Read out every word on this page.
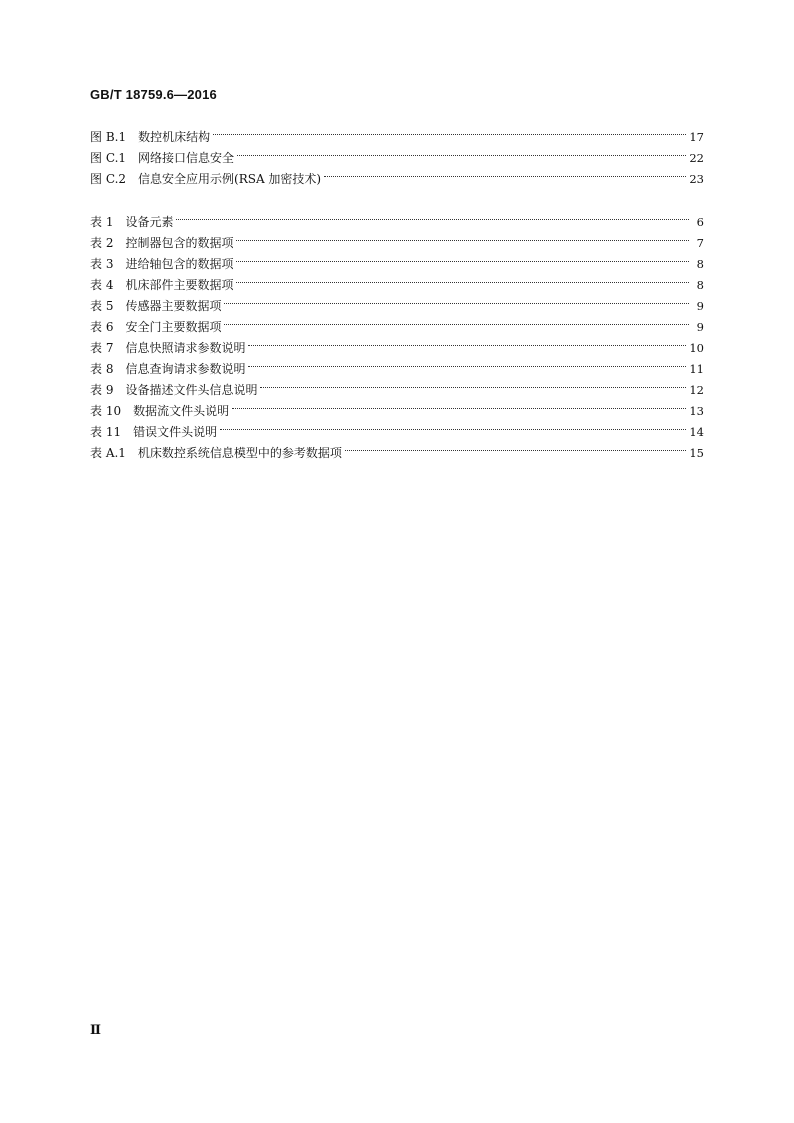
GB/T 18759.6—2016
图 B.1　数控机床结构	17
图 C.1　网络接口信息安全	22
图 C.2　信息安全应用示例(RSA 加密技术)	23
表 1　设备元素	6
表 2　控制器包含的数据项	7
表 3　进给轴包含的数据项	8
表 4　机床部件主要数据项	8
表 5　传感器主要数据项	9
表 6　安全门主要数据项	9
表 7　信息快照请求参数说明	10
表 8　信息查询请求参数说明	11
表 9　设备描述文件头信息说明	12
表 10　数据流文件头说明	13
表 11　错误文件头说明	14
表 A.1　机床数控系统信息模型中的参考数据项	15
Ⅱ
